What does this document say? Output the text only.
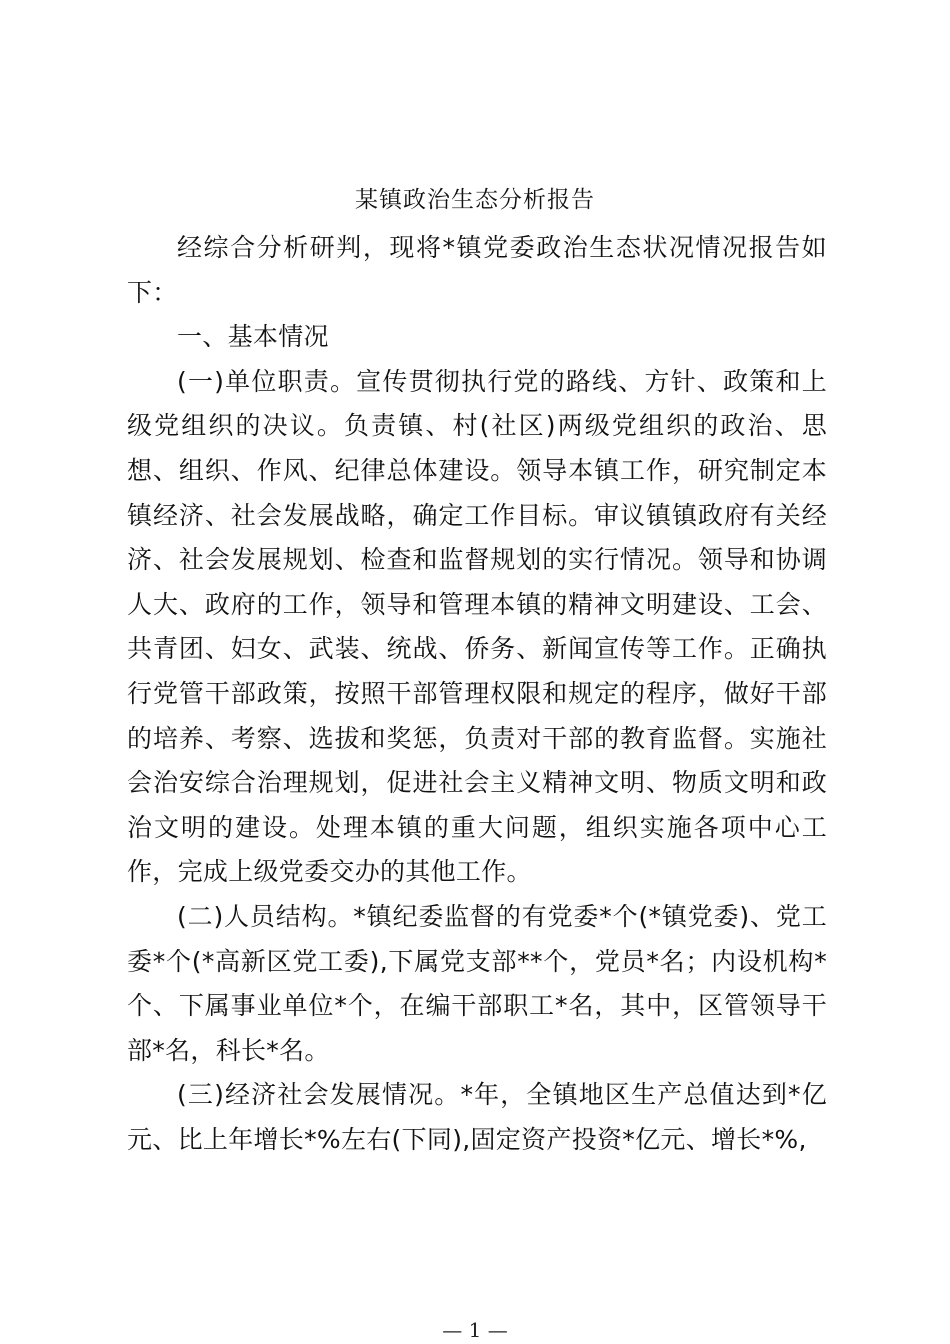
某镇政治生态分析报告

经综合分析研判，现将*镇党委政治生态状况情况报告如下：

一、基本情况

(一)单位职责。宣传贯彻执行党的路线、方针、政策和上级党组织的决议。负责镇、村(社区)两级党组织的政治、思想、组织、作风、纪律总体建设。领导本镇工作，研究制定本镇经济、社会发展战略，确定工作目标。审议镇镇政府有关经济、社会发展规划、检查和监督规划的实行情况。领导和协调人大、政府的工作，领导和管理本镇的精神文明建设、工会、共青团、妇女、武装、统战、侨务、新闻宣传等工作。正确执行党管干部政策，按照干部管理权限和规定的程序，做好干部的培养、考察、选拔和奖惩，负责对干部的教育监督。实施社会治安综合治理规划，促进社会主义精神文明、物质文明和政治文明的建设。处理本镇的重大问题，组织实施各项中心工作，完成上级党委交办的其他工作。

(二)人员结构。*镇纪委监督的有党委*个(*镇党委)、党工委*个(*高新区党工委),下属党支部**个，党员*名；内设机构*个、下属事业单位*个，在编干部职工*名，其中，区管领导干部*名，科长*名。

(三)经济社会发展情况。*年，全镇地区生产总值达到*亿元、比上年增长*%左右(下同),固定资产投资*亿元、增长*%,

— 1 —
